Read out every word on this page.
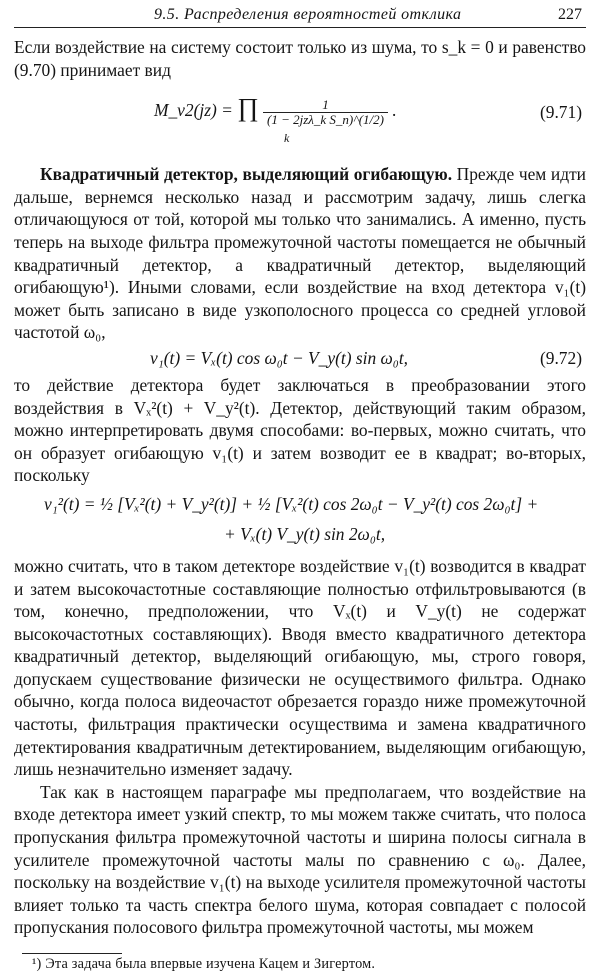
9.5. Распределения вероятностей отклика	227

Если воздействие на систему состоит только из шума, то s_k = 0 и равенство (9.70) принимает вид

M_v2(jz) = ∏ $\frac{1}{\text{(1 − 2jzλ\_k S\_n)\textasciicircum{}(1/2)}}$ .
k
(9.71)

Квадратичный детектор, выделяющий огибающую. Прежде чем идти дальше, вернемся несколько назад и рассмотрим задачу, лишь слегка отличающуюся от той, которой мы только что занимались. А именно, пусть теперь на выходе фильтра промежуточной частоты помещается не обычный квадратичный детектор, а квадратичный детектор, выделяющий огибающую¹). Иными словами, если воздействие на вход детектора v₁(t) может быть записано в виде узкополосного процесса со средней угловой частотой ω₀,

v₁(t) = Vₓ(t) cos ω₀t − V_y(t) sin ω₀t,	(9.72)

то действие детектора будет заключаться в преобразовании этого воздействия в Vₓ²(t) + V_y²(t). Детектор, действующий таким образом, можно интерпретировать двумя способами: во-первых, можно считать, что он образует огибающую v₁(t) и затем возводит ее в квадрат; во-вторых, поскольку

v₁²(t) = ½ [Vₓ²(t) + V_y²(t)] + ½ [Vₓ²(t) cos 2ω₀t − V_y²(t) cos 2ω₀t] +
+ Vₓ(t) V_y(t) sin 2ω₀t,

можно считать, что в таком детекторе воздействие v₁(t) возводится в квадрат и затем высокочастотные составляющие полностью отфильтровываются (в том, конечно, предположении, что Vₓ(t) и V_y(t) не содержат высокочастотных составляющих). Вводя вместо квадратичного детектора квадратичный детектор, выделяющий огибающую, мы, строго говоря, допускаем существование физически не осуществимого фильтра. Однако обычно, когда полоса видеочастот обрезается гораздо ниже промежуточной частоты, фильтрация практически осуществима и замена квадратичного детектирования квадратичным детектированием, выделяющим огибающую, лишь незначительно изменяет задачу.

Так как в настоящем параграфе мы предполагаем, что воздействие на входе детектора имеет узкий спектр, то мы можем также считать, что полоса пропускания фильтра промежуточной частоты и ширина полосы сигнала в усилителе промежуточной частоты малы по сравнению с ω₀. Далее, поскольку на воздействие v₁(t) на выходе усилителя промежуточной частоты влияет только та часть спектра белого шума, которая совпадает с полосой пропускания полосового фильтра промежуточной частоты, мы можем

¹) Эта задача была впервые изучена Кацем и Зигертом.
